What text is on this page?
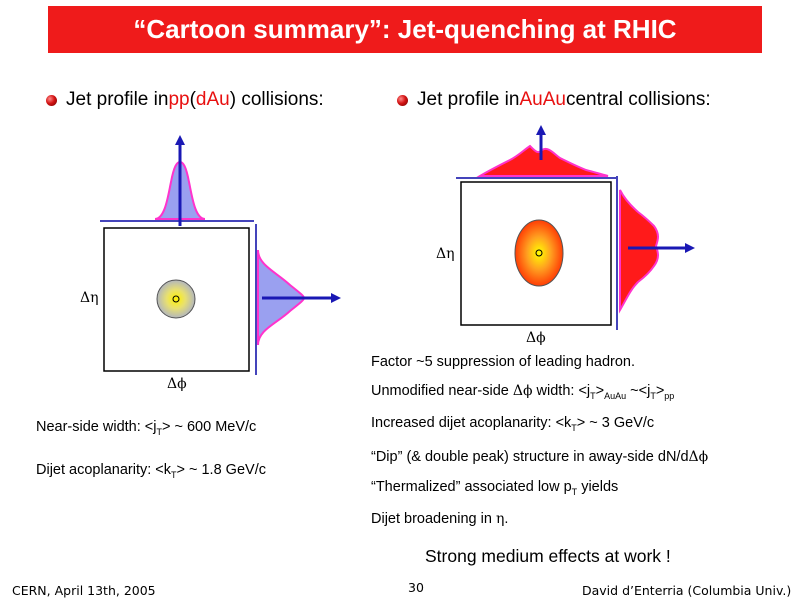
“Cartoon summary”: Jet-quenching at RHIC
Jet profile in pp ( dAu ) collisions:	Jet profile in AuAu central collisions:
Δη
Δϕ
Δη
Δϕ
Near-side width: $<j_T>$ ~ 600 MeV/c
Dijet acoplanarity: $<k_T>$ ~ 1.8 GeV/c
Factor ~5 suppression of leading hadron.
Unmodified near-side Δϕ width: $<j_T>_{AuAu}$ $\sim<j_T>_{pp}$
Increased dijet acoplanarity: $<k_T>$ ~ 3 GeV/c
“Dip” (& double peak) structure in away-side dN/dΔϕ
“Thermalized” associated low $p_T$ yields
Dijet broadening in η.
Strong medium effects at work !
CERN, April 13th, 2005	30	David d’Enterria (Columbia Univ.)
